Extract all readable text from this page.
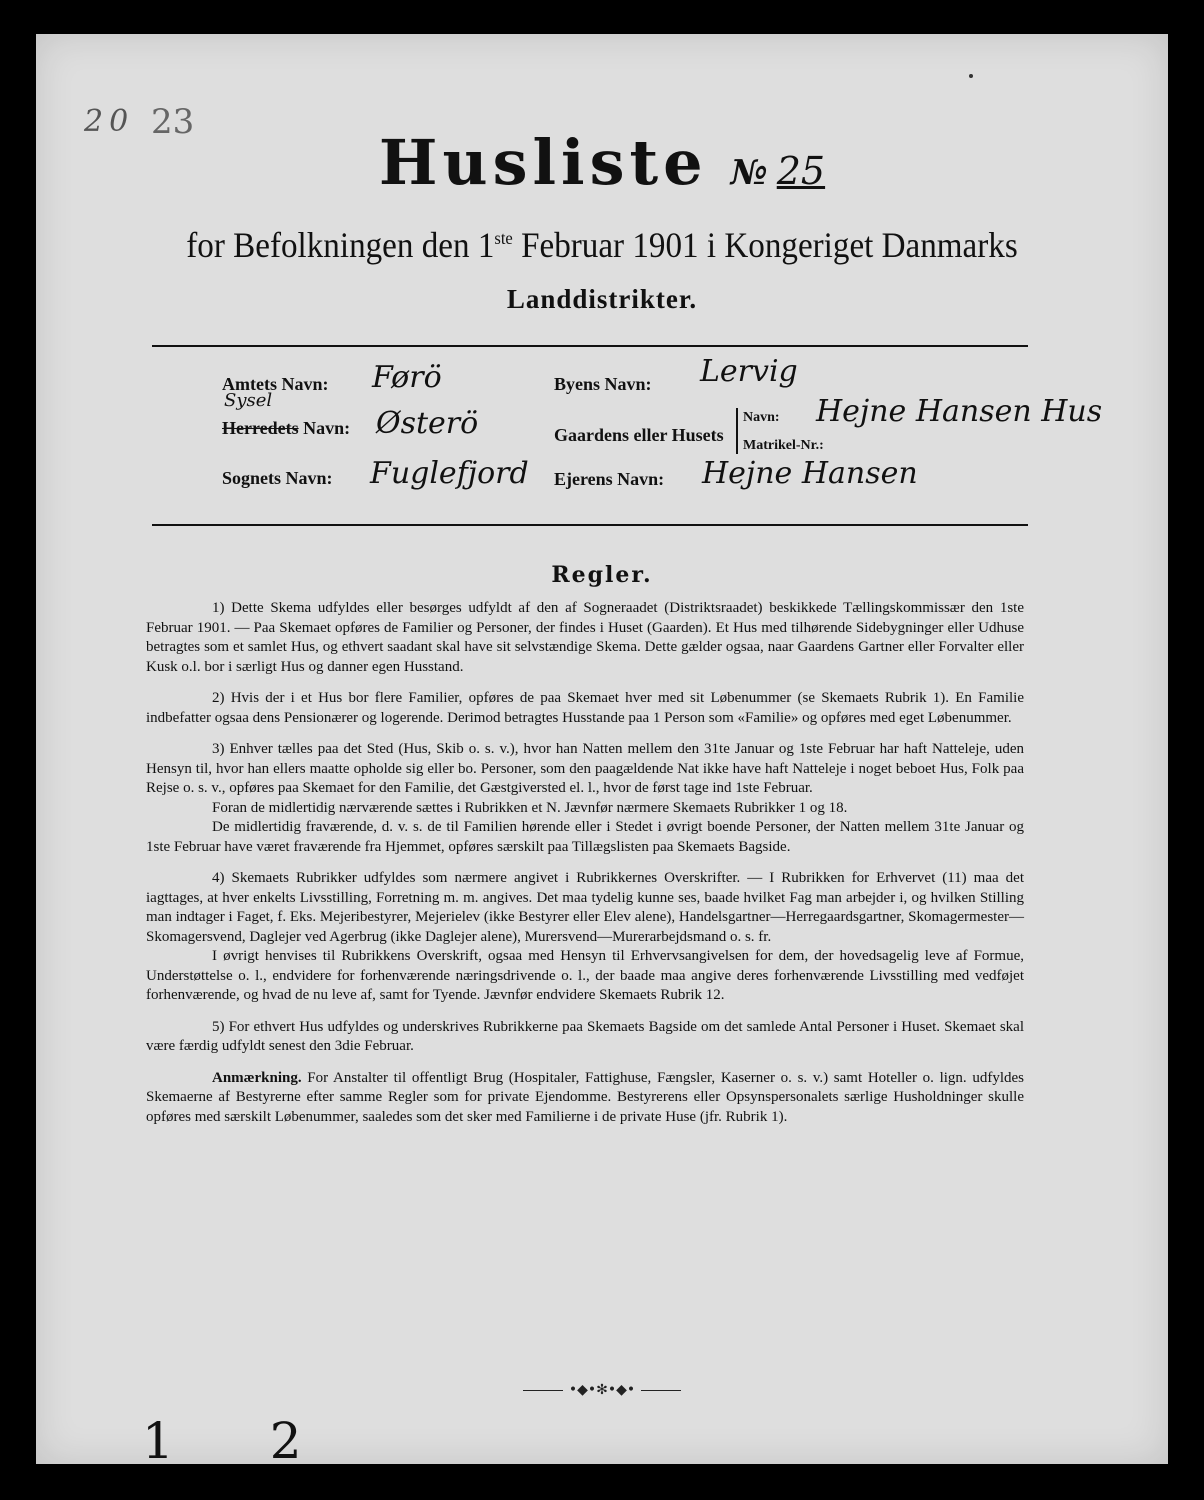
20 23
Husliste № 25
for Befolkningen den 1ste Februar 1901 i Kongeriget Danmarks
Landdistrikter.
Amtets Navn: Førö
Sysel
Herredets Navn: Østerö
Sognets Navn: Fuglefjord
Byens Navn: Lervig
Gaardens eller Husets
Navn: Hejne Hansen Hus
Matrikel-Nr.:
Ejerens Navn: Hejne Hansen
Regler.

1) Dette Skema udfyldes eller besørges udfyldt af den af Sogneraadet (Distriktsraadet) beskikkede Tællingskommissær den 1ste Februar 1901. — Paa Skemaet opføres de Familier og Personer, der findes i Huset (Gaarden). Et Hus med tilhørende Sidebygninger eller Udhuse betragtes som et samlet Hus, og ethvert saadant skal have sit selvstændige Skema. Dette gælder ogsaa, naar Gaardens Gartner eller Forvalter eller Kusk o.l. bor i særligt Hus og danner egen Husstand.

2) Hvis der i et Hus bor flere Familier, opføres de paa Skemaet hver med sit Løbenummer (se Skemaets Rubrik 1). En Familie indbefatter ogsaa dens Pensionærer og logerende. Derimod betragtes Husstande paa 1 Person som «Familie» og opføres med eget Løbenummer.

3) Enhver tælles paa det Sted (Hus, Skib o. s. v.), hvor han Natten mellem den 31te Januar og 1ste Februar har haft Natteleje, uden Hensyn til, hvor han ellers maatte opholde sig eller bo. Personer, som den paagældende Nat ikke have haft Natteleje i noget beboet Hus, Folk paa Rejse o. s. v., opføres paa Skemaet for den Familie, det Gæstgiversted el. l., hvor de først tage ind 1ste Februar.

Foran de midlertidig nærværende sættes i Rubrikken et N. Jævnfør nærmere Skemaets Rubrikker 1 og 18.

De midlertidig fraværende, d. v. s. de til Familien hørende eller i Stedet i øvrigt boende Personer, der Natten mellem 31te Januar og 1ste Februar have været fraværende fra Hjemmet, opføres særskilt paa Tillægslisten paa Skemaets Bagside.

4) Skemaets Rubrikker udfyldes som nærmere angivet i Rubrikkernes Overskrifter. — I Rubrikken for Erhvervet (11) maa det iagttages, at hver enkelts Livsstilling, Forretning m. m. angives. Det maa tydelig kunne ses, baade hvilket Fag man arbejder i, og hvilken Stilling man indtager i Faget, f. Eks. Mejeribestyrer, Mejerielev (ikke Bestyrer eller Elev alene), Handelsgartner—Herregaardsgartner, Skomagermester—Skomagersvend, Daglejer ved Agerbrug (ikke Daglejer alene), Murersvend—Murerarbejdsmand o. s. fr.

I øvrigt henvises til Rubrikkens Overskrift, ogsaa med Hensyn til Erhvervsangivelsen for dem, der hovedsagelig leve af Formue, Understøttelse o. l., endvidere for forhenværende næringsdrivende o. l., der baade maa angive deres forhenværende Livsstilling med vedføjet forhenværende, og hvad de nu leve af, samt for Tyende. Jævnfør endvidere Skemaets Rubrik 12.

5) For ethvert Hus udfyldes og underskrives Rubrikkerne paa Skemaets Bagside om det samlede Antal Personer i Huset. Skemaet skal være færdig udfyldt senest den 3die Februar.

Anmærkning. For Anstalter til offentligt Brug (Hospitaler, Fattighuse, Fængsler, Kaserner o. s. v.) samt Hoteller o. lign. udfyldes Skemaerne af Bestyrerne efter samme Regler som for private Ejendomme. Bestyrerens eller Opsynspersonalets særlige Husholdninger skulle opføres med særskilt Løbenummer, saaledes som det sker med Familierne i de private Huse (jfr. Rubrik 1).

•◆•✻•◆•
1 2
